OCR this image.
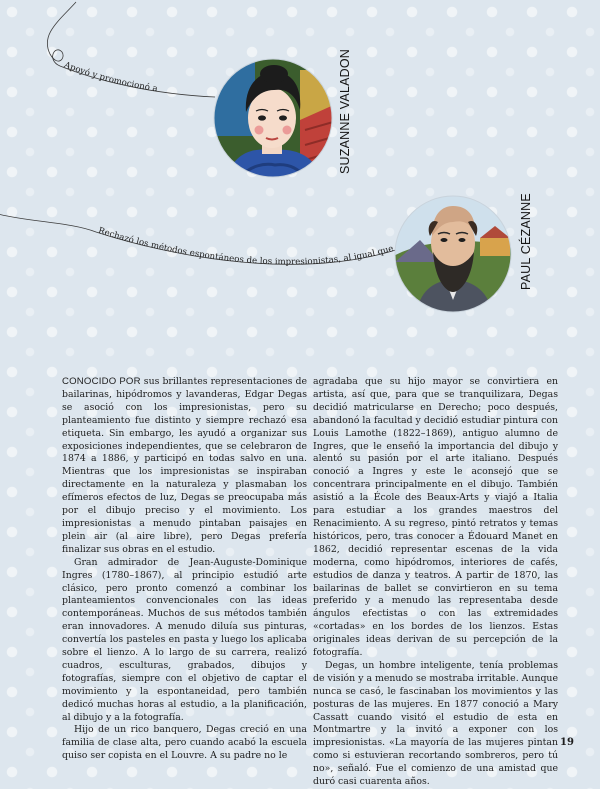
Apoyó y promocionó a
Rechazó los métodos espontáneos de los impresionistas, al igual que
SUZANNE VALADON
PAUL CÉZANNE

CONOCIDO POR sus brillantes representaciones de bailarinas, hipódromos y lavanderas, Edgar Degas se asoció con los impresionistas, pero su planteamiento fue distinto y siempre rechazó esa etiqueta. Sin embargo, les ayudó a organizar sus exposiciones independientes, que se celebraron de 1874 a 1886, y participó en todas salvo en una. Mientras que los impresionistas se inspiraban directamente en la naturaleza y plasmaban los efímeros efectos de luz, Degas se preocupaba más por el dibujo preciso y el movimiento. Los impresionistas a menudo pintaban paisajes en plein air (al aire libre), pero Degas prefería finalizar sus obras en el estudio.

Gran admirador de Jean-Auguste-Dominique Ingres (1780–1867), al principio estudió arte clásico, pero pronto comenzó a combinar los planteamientos convencionales con las ideas contemporáneas. Muchos de sus métodos también eran innovadores. A menudo diluía sus pinturas, convertía los pasteles en pasta y luego los aplicaba sobre el lienzo. A lo largo de su carrera, realizó cuadros, esculturas, grabados, dibujos y fotografías, siempre con el objetivo de captar el movimiento y la espontaneidad, pero también dedicó muchas horas al estudio, a la planificación, al dibujo y a la fotografía.

Hijo de un rico banquero, Degas creció en una familia de clase alta, pero cuando acabó la escuela quiso ser copista en el Louvre. A su padre no le

agradaba que su hijo mayor se convirtiera en artista, así que, para que se tranquilizara, Degas decidió matricularse en Derecho; poco después, abandonó la facultad y decidió estudiar pintura con Louis Lamothe (1822–1869), antiguo alumno de Ingres, que le enseñó la importancia del dibujo y alentó su pasión por el arte italiano. Después conoció a Ingres y este le aconsejó que se concentrara principalmente en el dibujo. También asistió a la École des Beaux-Arts y viajó a Italia para estudiar a los grandes maestros del Renacimiento. A su regreso, pintó retratos y temas históricos, pero, tras conocer a Édouard Manet en 1862, decidió representar escenas de la vida moderna, como hipódromos, interiores de cafés, estudios de danza y teatros. A partir de 1870, las bailarinas de ballet se convirtieron en su tema preferido y a menudo las representaba desde ángulos efectistas o con las extremidades «cortadas» en los bordes de los lienzos. Estas originales ideas derivan de su percepción de la fotografía.

Degas, un hombre inteligente, tenía problemas de visión y a menudo se mostraba irritable. Aunque nunca se casó, le fascinaban los movimientos y las posturas de las mujeres. En 1877 conoció a Mary Cassatt cuando visitó el estudio de esta en Montmartre y la invitó a exponer con los impresionistas. «La mayoría de las mujeres pintan como si estuvieran recortando sombreros, pero tú no», señaló. Fue el comienzo de una amistad que duró casi cuarenta años.

19
